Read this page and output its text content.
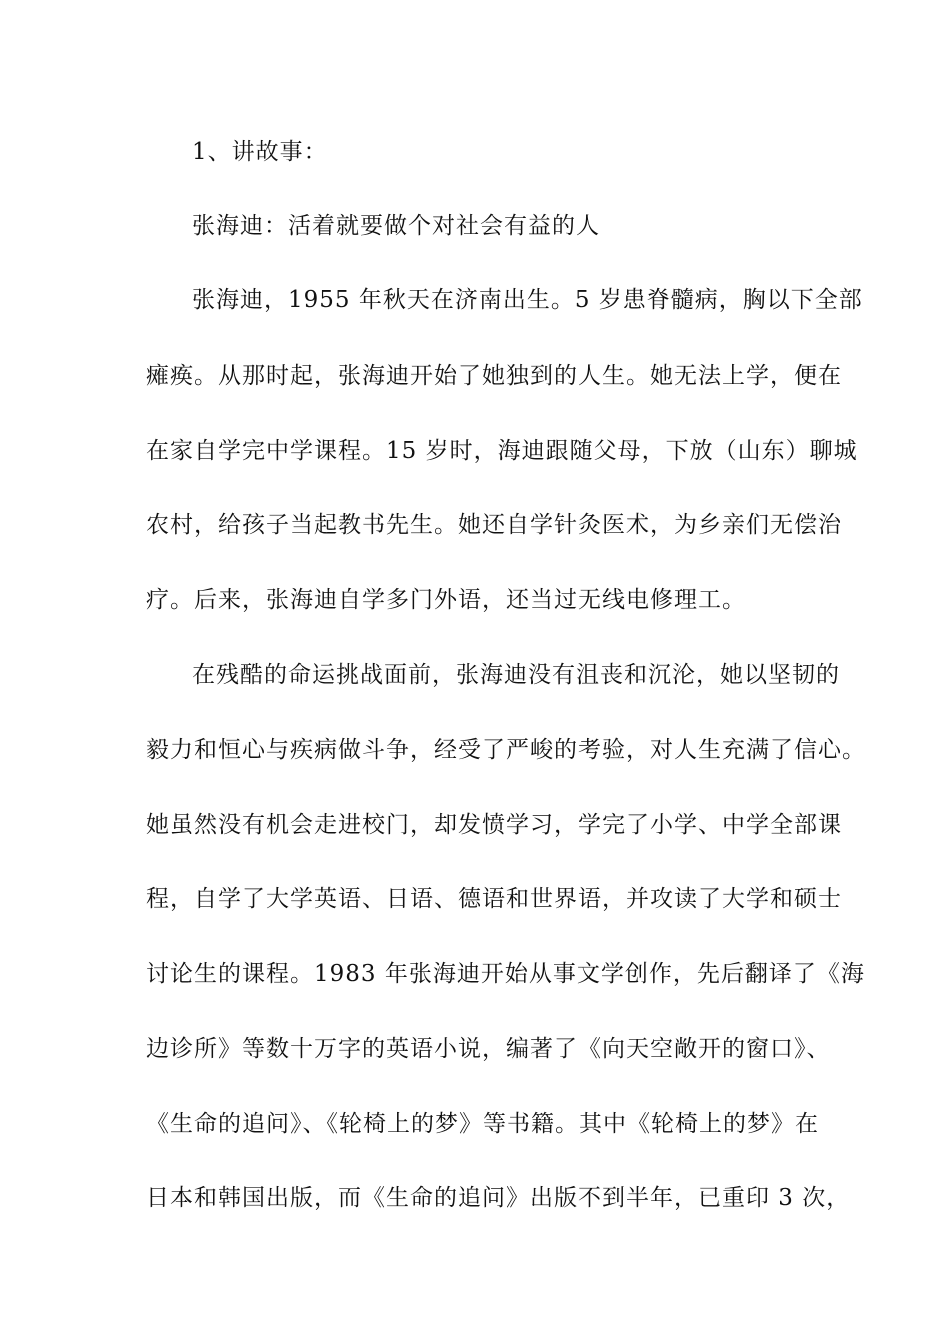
1、讲故事：
张海迪：活着就要做个对社会有益的人
张海迪，1955 年秋天在济南出生。5 岁患脊髓病，胸以下全部
瘫痪。从那时起，张海迪开始了她独到的人生。她无法上学，便在
在家自学完中学课程。15 岁时，海迪跟随父母，下放（山东）聊城
农村，给孩子当起教书先生。她还自学针灸医术，为乡亲们无偿治
疗。后来，张海迪自学多门外语，还当过无线电修理工。
在残酷的命运挑战面前，张海迪没有沮丧和沉沦，她以坚韧的
毅力和恒心与疾病做斗争，经受了严峻的考验，对人生充满了信心。
她虽然没有机会走进校门，却发愤学习，学完了小学、中学全部课
程，自学了大学英语、日语、德语和世界语，并攻读了大学和硕士
讨论生的课程。1983 年张海迪开始从事文学创作，先后翻译了《海
边诊所》等数十万字的英语小说，编著了《向天空敞开的窗口》、
《生命的追问》、《轮椅上的梦》等书籍。其中《轮椅上的梦》在
日本和韩国出版，而《生命的追问》出版不到半年，已重印 3 次，
